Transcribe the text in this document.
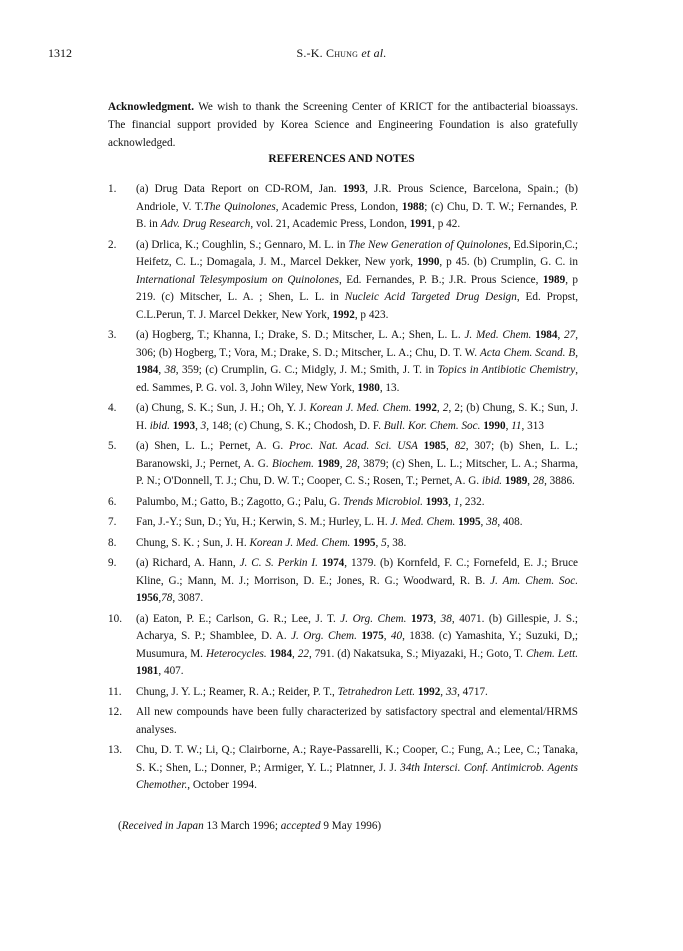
1312	S.-K. Chung et al.
Acknowledgment. We wish to thank the Screening Center of KRICT for the antibacterial bioassays. The financial support provided by Korea Science and Engineering Foundation is also gratefully acknowledged.
REFERENCES AND NOTES
1.	(a) Drug Data Report on CD-ROM, Jan. 1993, J.R. Prous Science, Barcelona, Spain.; (b) Andriole, V. T.The Quinolones, Academic Press, London, 1988; (c) Chu, D. T. W.; Fernandes, P. B. in Adv. Drug Research, vol. 21, Academic Press, London, 1991, p 42.
2.	(a) Drlica, K.; Coughlin, S.; Gennaro, M. L. in The New Generation of Quinolones, Ed.Siporin,C.; Heifetz, C. L.; Domagala, J. M., Marcel Dekker, New york, 1990, p 45. (b) Crumplin, G. C. in International Telesymposium on Quinolones, Ed. Fernandes, P. B.; J.R. Prous Science, 1989, p 219. (c) Mitscher, L. A. ; Shen, L. L. in Nucleic Acid Targeted Drug Design, Ed. Propst, C.L.Perun, T. J. Marcel Dekker, New York, 1992, p 423.
3.	(a) Hogberg, T.; Khanna, I.; Drake, S. D.; Mitscher, L. A.; Shen, L. L. J. Med. Chem. 1984, 27, 306; (b) Hogberg, T.; Vora, M.; Drake, S. D.; Mitscher, L. A.; Chu, D. T. W. Acta Chem. Scand. B, 1984, 38, 359; (c) Crumplin, G. C.; Midgly, J. M.; Smith, J. T. in Topics in Antibiotic Chemistry, ed. Sammes, P. G. vol. 3, John Wiley, New York, 1980, 13.
4.	(a) Chung, S. K.; Sun, J. H.; Oh, Y. J. Korean J. Med. Chem. 1992, 2, 2; (b) Chung, S. K.; Sun, J. H. ibid. 1993, 3, 148; (c) Chung, S. K.; Chodosh, D. F. Bull. Kor. Chem. Soc. 1990, 11, 313
5.	(a) Shen, L. L.; Pernet, A. G. Proc. Nat. Acad. Sci. USA 1985, 82, 307; (b) Shen, L. L.; Baranowski, J.; Pernet, A. G. Biochem. 1989, 28, 3879; (c) Shen, L. L.; Mitscher, L. A.; Sharma, P. N.; O'Donnell, T. J.; Chu, D. W. T.; Cooper, C. S.; Rosen, T.; Pernet, A. G. ibid. 1989, 28, 3886.
6.	Palumbo, M.; Gatto, B.; Zagotto, G.; Palu, G. Trends Microbiol. 1993, 1, 232.
7.	Fan, J.-Y.; Sun, D.; Yu, H.; Kerwin, S. M.; Hurley, L. H. J. Med. Chem. 1995, 38, 408.
8.	Chung, S. K. ; Sun, J. H. Korean J. Med. Chem. 1995, 5, 38.
9.	(a) Richard, A. Hann, J. C. S. Perkin I. 1974, 1379. (b) Kornfeld, F. C.; Fornefeld, E. J.; Bruce Kline, G.; Mann, M. J.; Morrison, D. E.; Jones, R. G.; Woodward, R. B. J. Am. Chem. Soc. 1956,78, 3087.
10.	(a) Eaton, P. E.; Carlson, G. R.; Lee, J. T. J. Org. Chem. 1973, 38, 4071. (b) Gillespie, J. S.; Acharya, S. P.; Shamblee, D. A. J. Org. Chem. 1975, 40, 1838. (c) Yamashita, Y.; Suzuki, D,; Musumura, M. Heterocycles. 1984, 22, 791. (d) Nakatsuka, S.; Miyazaki, H.; Goto, T. Chem. Lett. 1981, 407.
11.	Chung, J. Y. L.; Reamer, R. A.; Reider, P. T., Tetrahedron Lett. 1992, 33, 4717.
12.	All new compounds have been fully characterized by satisfactory spectral and elemental/HRMS analyses.
13.	Chu, D. T. W.; Li, Q.; Clairborne, A.; Raye-Passarelli, K.; Cooper, C.; Fung, A.; Lee, C.; Tanaka, S. K.; Shen, L.; Donner, P.; Armiger, Y. L.; Platnner, J. J. 34th Intersci. Conf. Antimicrob. Agents Chemother., October 1994.
(Received in Japan 13 March 1996; accepted 9 May 1996)
